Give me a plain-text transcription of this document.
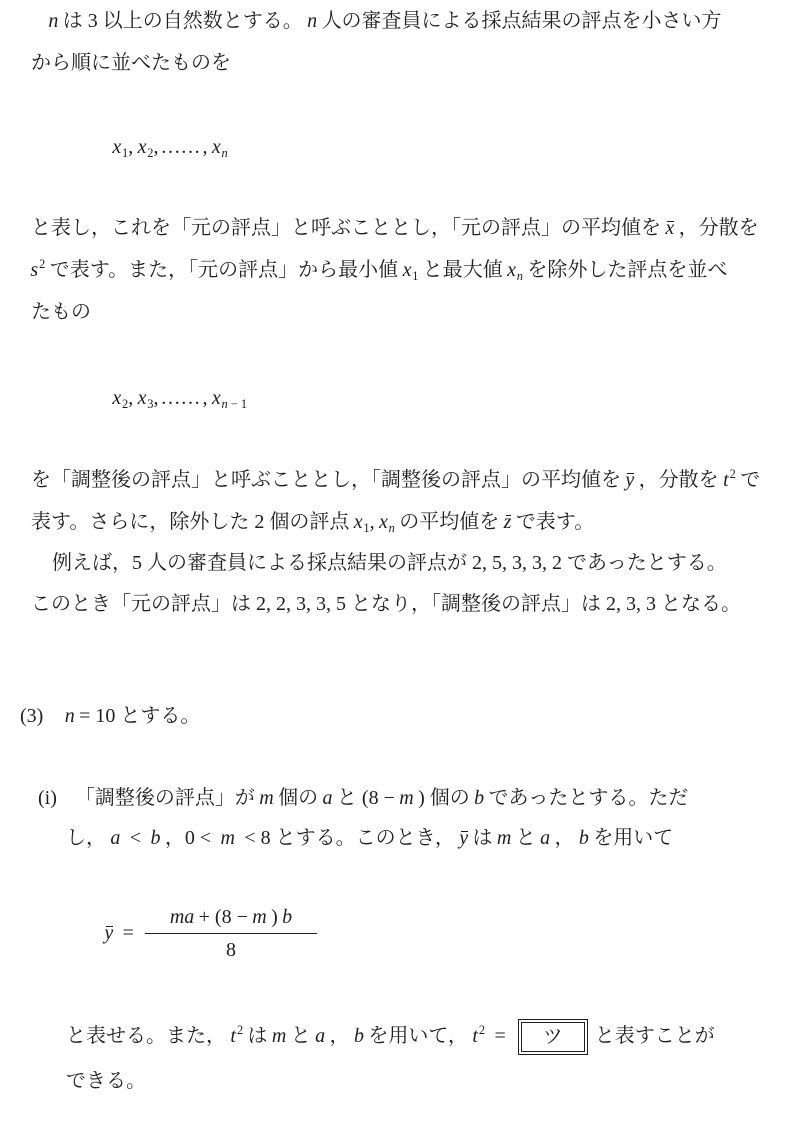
n は 3 以上の自然数とする。 n 人の審査員による採点結果の評点を小さい方
から順に並べたものを
x1, x2, …… , xn
と表し，これを「元の評点」と呼ぶこととし，「元の評点」の平均値を x ，分散を
$s^2$ で表す。また，「元の評点」から最小値 x1 と最大値 xn を除外した評点を並べ
たもの
x2, x3, …… , xn − 1
を「調整後の評点」と呼ぶこととし，「調整後の評点」の平均値を y ，分散を $t^2$ で
表す。さらに，除外した 2 個の評点 x1, xn の平均値を z で表す。
例えば，5 人の審査員による採点結果の評点が 2, 5, 3, 3, 2 であったとする。
このとき「元の評点」は 2, 2, 3, 3, 5 となり，「調整後の評点」は 2, 3, 3 となる。
(3) n = 10 とする。
(i) 「調整後の評点」が m 個の a と (8 − m ) 個の b であったとする。ただ
し， a < b ，0 < m < 8 とする。このとき， y は m と a ， b を用いて
y =
ma + (8 − m ) b
8
と表せる。また， $t^2$ は m と a ， b を用いて， $t^2$ =	ツ	と表すことが
できる。
